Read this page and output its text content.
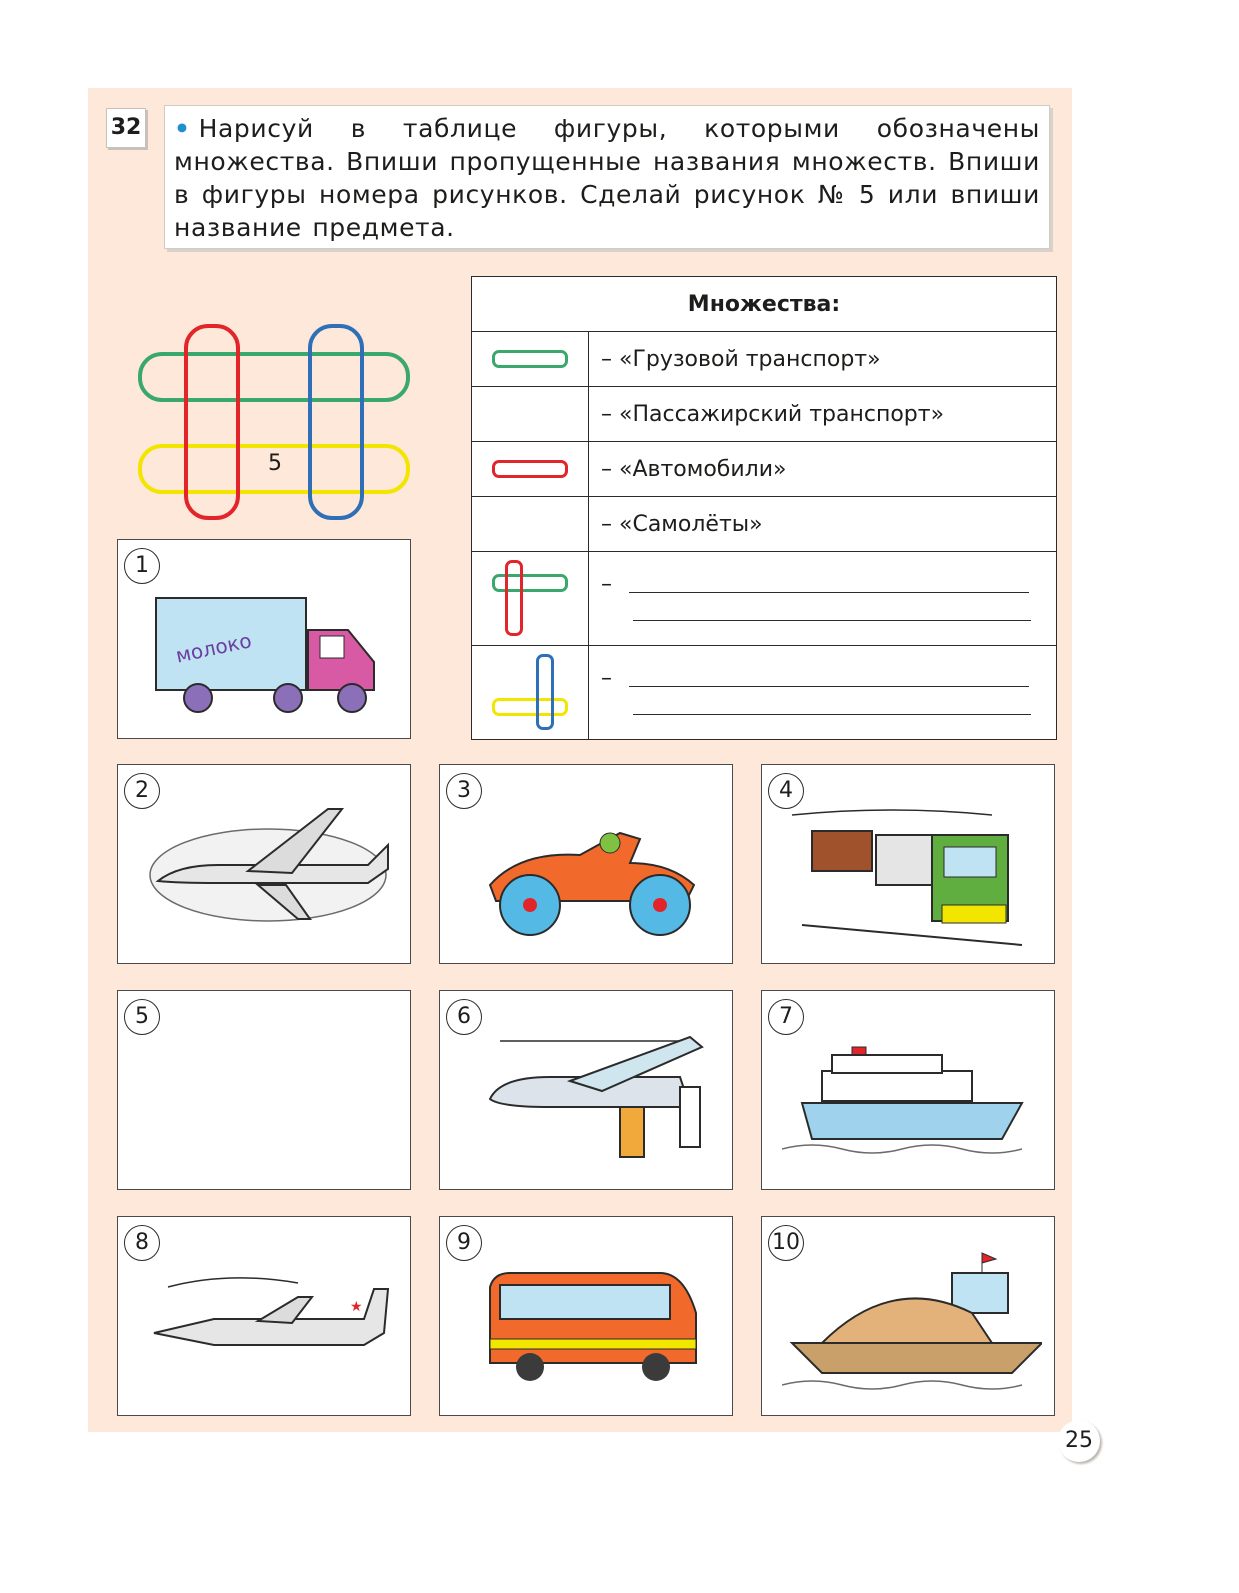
32	• Нарисуй в таблице фигуры, которыми обозначены множества. Впиши пропущенные названия множеств. Впиши в фигуры номера рисунков. Сделай рисунок № 5 или впиши название предмета.
5
Множества:	

	– «Грузовой транспорт»
	– «Пассажирский транспорт»

	– «Автомобили»
	– «Самолёты»

	–

	–
1
молоко
2	3	4
5	6	7
8
★
9	10
25
